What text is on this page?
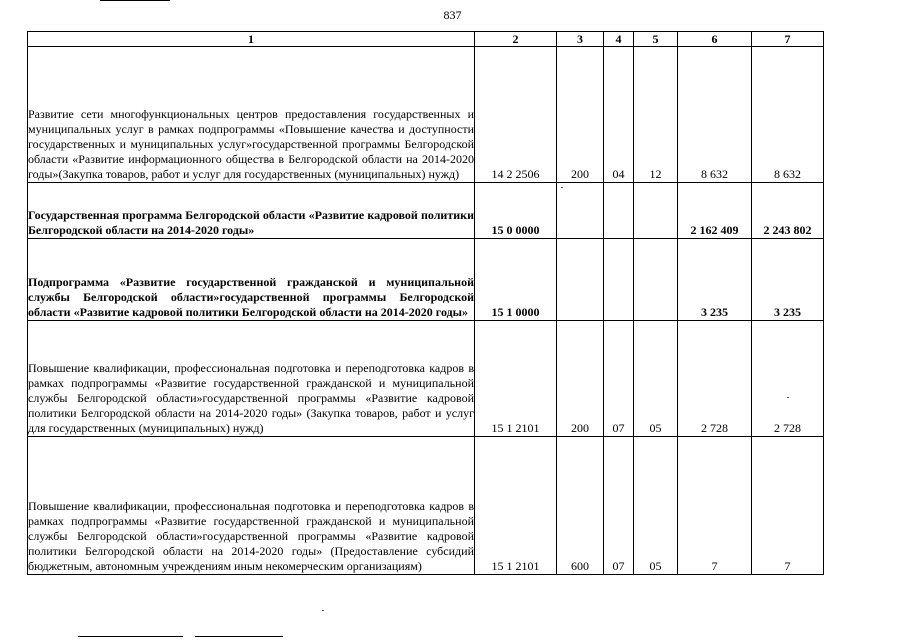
837
1	2	3	4	5	6	7
Развитие сети многофункциональных центров предоставления государственных и муниципальных услуг в рамках подпрограммы «Повышение качества и доступности государственных и муниципальных услуг»государственной программы Белгородской области «Развитие информационного общества в Белгородской области на 2014-2020 годы»(Закупка товаров, работ и услуг для государственных (муниципальных) нужд)	14 2 2506	200	04	12	8 632	8 632
Государственная программа Белгородской области «Развитие кадровой политики Белгородской области на 2014-2020 годы»	15 0 0000				2 162 409	2 243 802
Подпрограмма «Развитие государственной гражданской и муниципальной службы Белгородской области»государственной программы Белгородской области «Развитие кадровой политики Белгородской области на 2014-2020 годы»	15 1 0000				3 235	3 235
Повышение квалификации, профессиональная подготовка и переподготовка кадров в рамках подпрограммы «Развитие государственной гражданской и муниципальной службы Белгородской области»государственной программы «Развитие кадровой политики Белгородской области на 2014-2020 годы» (Закупка товаров, работ и услуг для государственных (муниципальных) нужд)	15 1 2101	200	07	05	2 728	2 728
Повышение квалификации, профессиональная подготовка и переподготовка кадров в рамках подпрограммы «Развитие государственной гражданской и муниципальной службы Белгородской области»государственной программы «Развитие кадровой политики Белгородской области на 2014-2020 годы» (Предоставление субсидий бюджетным, автономным учреждениям иным некомерческим организациям)	15 1 2101	600	07	05	7	7
